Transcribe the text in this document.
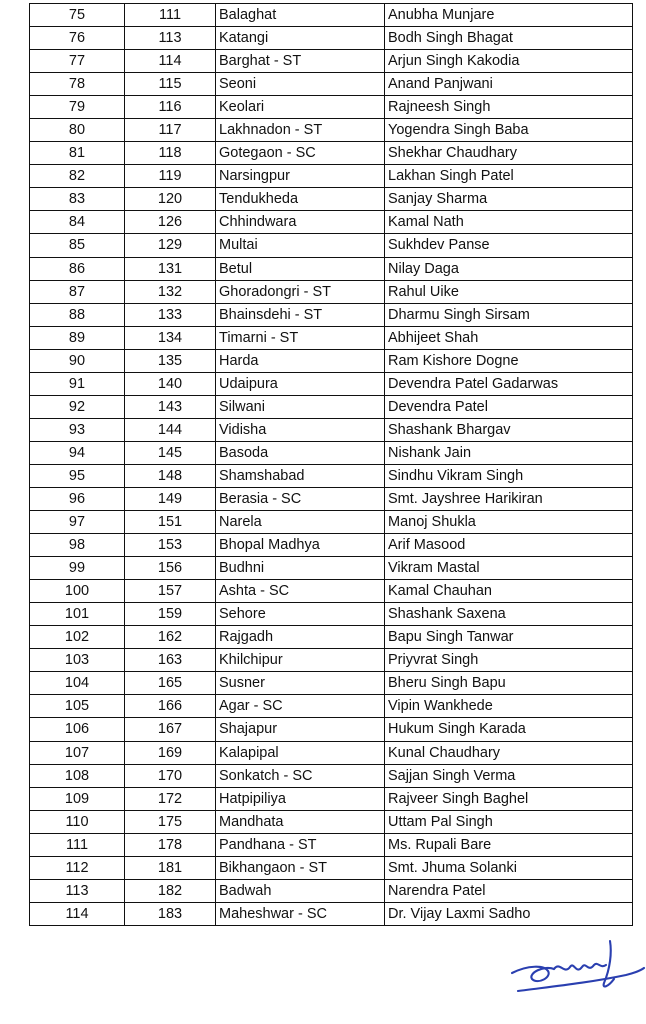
75	111	Balaghat	Anubha Munjare
76	113	Katangi	Bodh Singh Bhagat
77	114	Barghat - ST	Arjun Singh Kakodia
78	115	Seoni	Anand Panjwani
79	116	Keolari	Rajneesh Singh
80	117	Lakhnadon - ST	Yogendra Singh Baba
81	118	Gotegaon - SC	Shekhar Chaudhary
82	119	Narsingpur	Lakhan Singh Patel
83	120	Tendukheda	Sanjay Sharma
84	126	Chhindwara	Kamal Nath
85	129	Multai	Sukhdev Panse
86	131	Betul	Nilay Daga
87	132	Ghoradongri - ST	Rahul Uike
88	133	Bhainsdehi - ST	Dharmu Singh Sirsam
89	134	Timarni - ST	Abhijeet Shah
90	135	Harda	Ram Kishore Dogne
91	140	Udaipura	Devendra Patel Gadarwas
92	143	Silwani	Devendra Patel
93	144	Vidisha	Shashank Bhargav
94	145	Basoda	Nishank Jain
95	148	Shamshabad	Sindhu Vikram Singh
96	149	Berasia - SC	Smt. Jayshree Harikiran
97	151	Narela	Manoj Shukla
98	153	Bhopal Madhya	Arif Masood
99	156	Budhni	Vikram Mastal
100	157	Ashta - SC	Kamal Chauhan
101	159	Sehore	Shashank Saxena
102	162	Rajgadh	Bapu Singh Tanwar
103	163	Khilchipur	Priyvrat Singh
104	165	Susner	Bheru Singh Bapu
105	166	Agar - SC	Vipin Wankhede
106	167	Shajapur	Hukum Singh Karada
107	169	Kalapipal	Kunal Chaudhary
108	170	Sonkatch - SC	Sajjan Singh Verma
109	172	Hatpipiliya	Rajveer Singh Baghel
110	175	Mandhata	Uttam Pal Singh
111	178	Pandhana - ST	Ms. Rupali Bare
112	181	Bikhangaon - ST	Smt. Jhuma Solanki
113	182	Badwah	Narendra Patel
114	183	Maheshwar - SC	Dr. Vijay Laxmi Sadho
